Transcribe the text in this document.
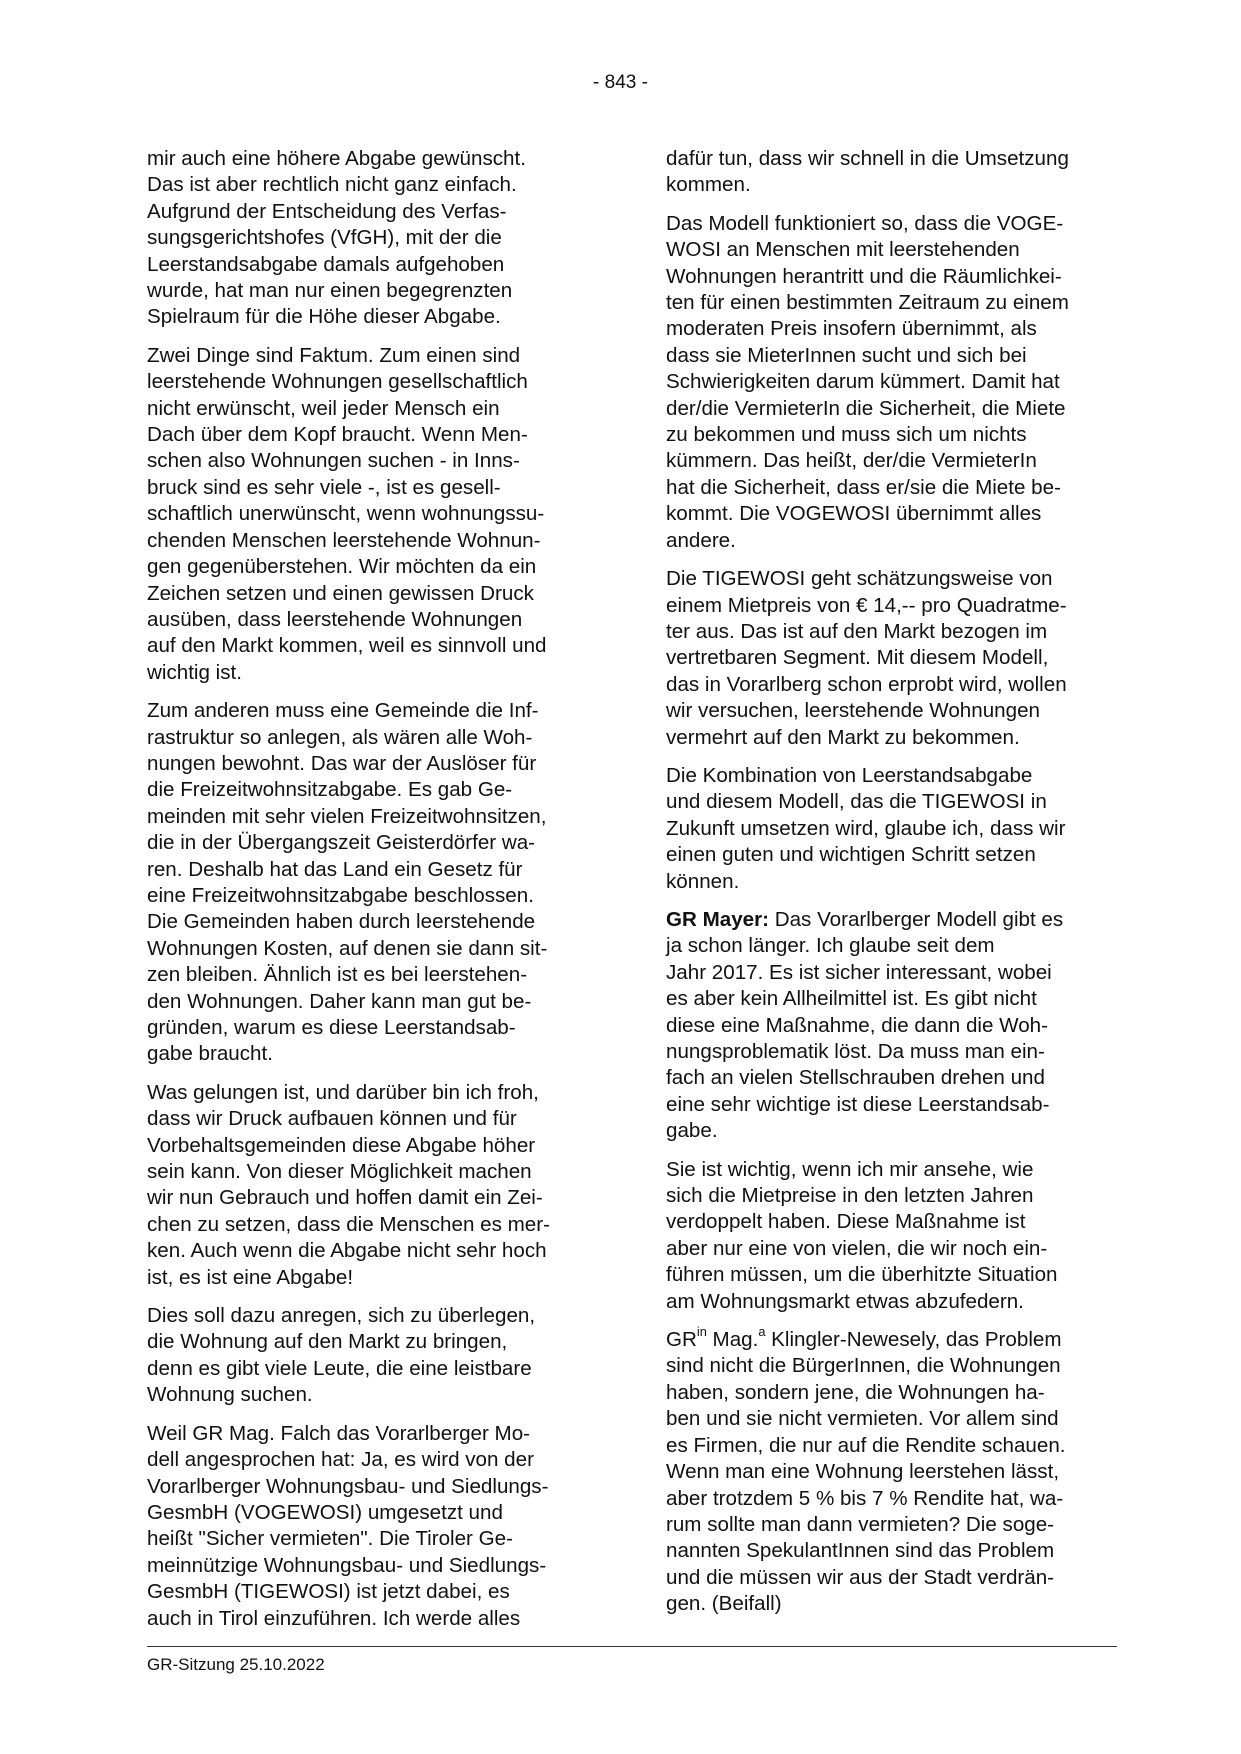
- 843 -

mir auch eine höhere Abgabe gewünscht.
Das ist aber rechtlich nicht ganz einfach.
Aufgrund der Entscheidung des Verfas-
sungsgerichtshofes (VfGH), mit der die
Leerstandsabgabe damals aufgehoben
wurde, hat man nur einen begegrenzten
Spielraum für die Höhe dieser Abgabe.

Zwei Dinge sind Faktum. Zum einen sind
leerstehende Wohnungen gesellschaftlich
nicht erwünscht, weil jeder Mensch ein
Dach über dem Kopf braucht. Wenn Men-
schen also Wohnungen suchen - in Inns-
bruck sind es sehr viele -, ist es gesell-
schaftlich unerwünscht, wenn wohnungssu-
chenden Menschen leerstehende Wohnun-
gen gegenüberstehen. Wir möchten da ein
Zeichen setzen und einen gewissen Druck
ausüben, dass leerstehende Wohnungen
auf den Markt kommen, weil es sinnvoll und
wichtig ist.

Zum anderen muss eine Gemeinde die Inf-
rastruktur so anlegen, als wären alle Woh-
nungen bewohnt. Das war der Auslöser für
die Freizeitwohnsitzabgabe. Es gab Ge-
meinden mit sehr vielen Freizeitwohnsitzen,
die in der Übergangszeit Geisterdörfer wa-
ren. Deshalb hat das Land ein Gesetz für
eine Freizeitwohnsitzabgabe beschlossen.
Die Gemeinden haben durch leerstehende
Wohnungen Kosten, auf denen sie dann sit-
zen bleiben. Ähnlich ist es bei leerstehen-
den Wohnungen. Daher kann man gut be-
gründen, warum es diese Leerstandsab-
gabe braucht.

Was gelungen ist, und darüber bin ich froh,
dass wir Druck aufbauen können und für
Vorbehaltsgemeinden diese Abgabe höher
sein kann. Von dieser Möglichkeit machen
wir nun Gebrauch und hoffen damit ein Zei-
chen zu setzen, dass die Menschen es mer-
ken. Auch wenn die Abgabe nicht sehr hoch
ist, es ist eine Abgabe!

Dies soll dazu anregen, sich zu überlegen,
die Wohnung auf den Markt zu bringen,
denn es gibt viele Leute, die eine leistbare
Wohnung suchen.

Weil GR Mag. Falch das Vorarlberger Mo-
dell angesprochen hat: Ja, es wird von der
Vorarlberger Wohnungsbau- und Siedlungs-
GesmbH (VOGEWOSI) umgesetzt und
heißt "Sicher vermieten". Die Tiroler Ge-
meinnützige Wohnungsbau- und Siedlungs-
GesmbH (TIGEWOSI) ist jetzt dabei, es
auch in Tirol einzuführen. Ich werde alles

dafür tun, dass wir schnell in die Umsetzung
kommen.

Das Modell funktioniert so, dass die VOGE-
WOSI an Menschen mit leerstehenden
Wohnungen herantritt und die Räumlichkei-
ten für einen bestimmten Zeitraum zu einem
moderaten Preis insofern übernimmt, als
dass sie MieterInnen sucht und sich bei
Schwierigkeiten darum kümmert. Damit hat
der/die VermieterIn die Sicherheit, die Miete
zu bekommen und muss sich um nichts
kümmern. Das heißt, der/die VermieterIn
hat die Sicherheit, dass er/sie die Miete be-
kommt. Die VOGEWOSI übernimmt alles
andere.

Die TIGEWOSI geht schätzungsweise von
einem Mietpreis von € 14,-- pro Quadratme-
ter aus. Das ist auf den Markt bezogen im
vertretbaren Segment. Mit diesem Modell,
das in Vorarlberg schon erprobt wird, wollen
wir versuchen, leerstehende Wohnungen
vermehrt auf den Markt zu bekommen.

Die Kombination von Leerstandsabgabe
und diesem Modell, das die TIGEWOSI in
Zukunft umsetzen wird, glaube ich, dass wir
einen guten und wichtigen Schritt setzen
können.

GR Mayer: Das Vorarlberger Modell gibt es
ja schon länger. Ich glaube seit dem
Jahr 2017. Es ist sicher interessant, wobei
es aber kein Allheilmittel ist. Es gibt nicht
diese eine Maßnahme, die dann die Woh-
nungsproblematik löst. Da muss man ein-
fach an vielen Stellschrauben drehen und
eine sehr wichtige ist diese Leerstandsab-
gabe.

Sie ist wichtig, wenn ich mir ansehe, wie
sich die Mietpreise in den letzten Jahren
verdoppelt haben. Diese Maßnahme ist
aber nur eine von vielen, die wir noch ein-
führen müssen, um die überhitzte Situation
am Wohnungsmarkt etwas abzufedern.

$GR^{in}$ Mag.$^a$ Klingler-Newesely, das Problem
sind nicht die BürgerInnen, die Wohnungen
haben, sondern jene, die Wohnungen ha-
ben und sie nicht vermieten. Vor allem sind
es Firmen, die nur auf die Rendite schauen.
Wenn man eine Wohnung leerstehen lässt,
aber trotzdem 5 % bis 7 % Rendite hat, wa-
rum sollte man dann vermieten? Die soge-
nannten SpekulantInnen sind das Problem
und die müssen wir aus der Stadt verdrän-
gen. (Beifall)

GR-Sitzung 25.10.2022
